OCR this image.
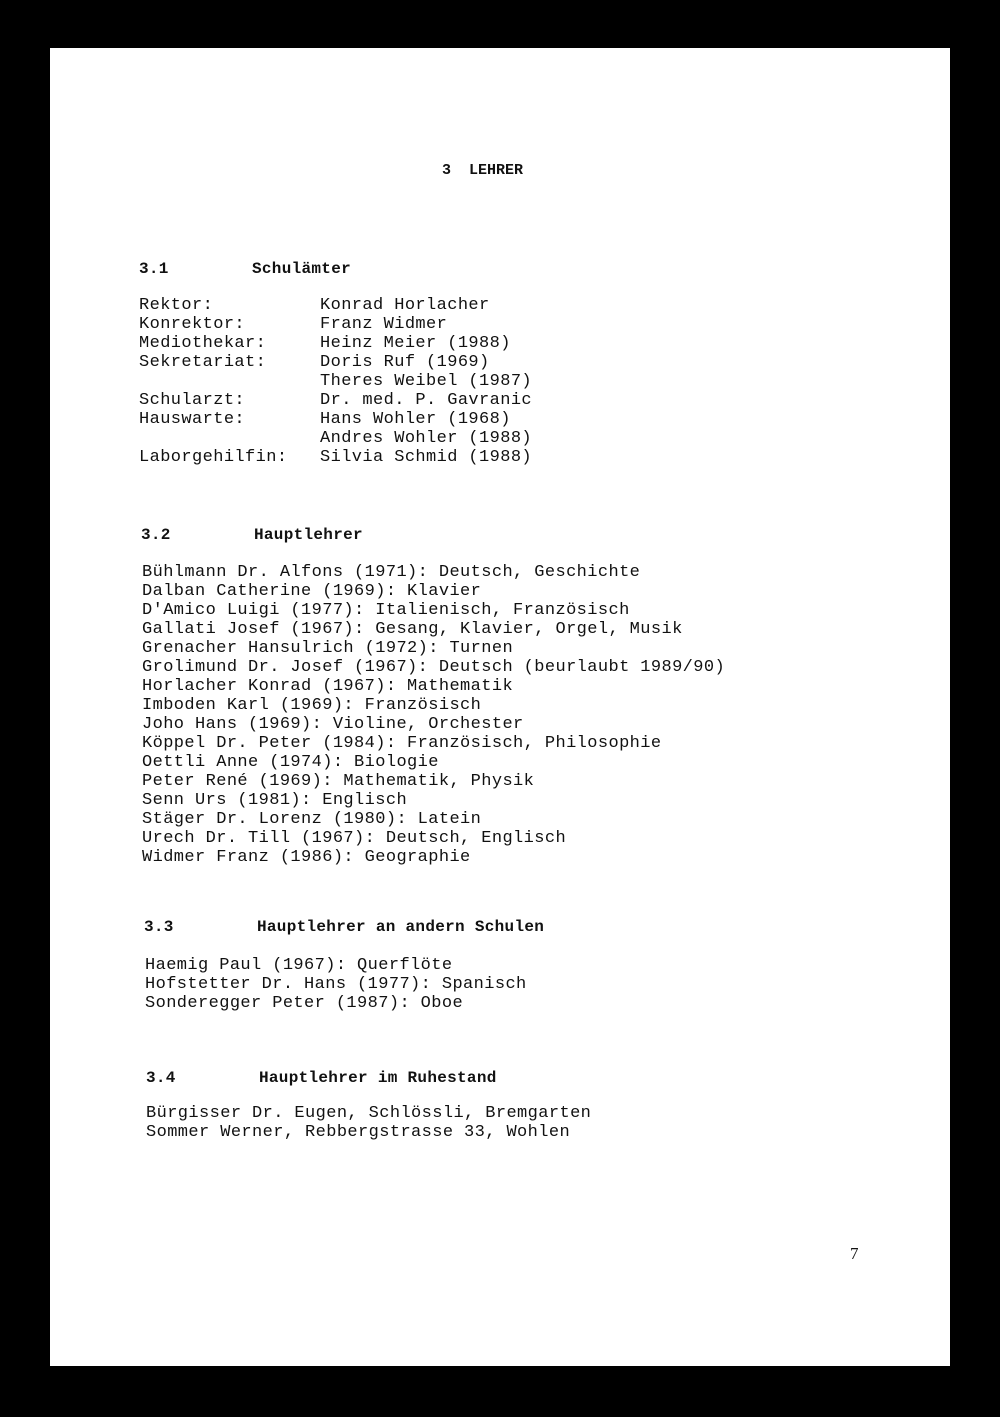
3  LEHRER
3.1	Schulämter
Rektor:	Konrad Horlacher
Konrektor:	Franz Widmer
Mediothekar:	Heinz Meier (1988)
Sekretariat:	Doris Ruf (1969)
Theres Weibel (1987)
Schularzt:	Dr. med. P. Gavranic
Hauswarte:	Hans Wohler (1968)
Andres Wohler (1988)
Laborgehilfin: Silvia Schmid (1988)
3.2	Hauptlehrer
Bühlmann Dr. Alfons (1971): Deutsch, Geschichte
Dalban Catherine (1969): Klavier
D'Amico Luigi (1977): Italienisch, Französisch
Gallati Josef (1967): Gesang, Klavier, Orgel, Musik
Grenacher Hansulrich (1972): Turnen
Grolimund Dr. Josef (1967): Deutsch (beurlaubt 1989/90)
Horlacher Konrad (1967): Mathematik
Imboden Karl (1969): Französisch
Joho Hans (1969): Violine, Orchester
Köppel Dr. Peter (1984): Französisch, Philosophie
Oettli Anne (1974): Biologie
Peter René (1969): Mathematik, Physik
Senn Urs (1981): Englisch
Stäger Dr. Lorenz (1980): Latein
Urech Dr. Till (1967): Deutsch, Englisch
Widmer Franz (1986): Geographie
3.3	Hauptlehrer an andern Schulen
Haemig Paul (1967): Querflöte
Hofstetter Dr. Hans (1977): Spanisch
Sonderegger Peter (1987): Oboe
3.4	Hauptlehrer im Ruhestand
Bürgisser Dr. Eugen, Schlössli, Bremgarten
Sommer Werner, Rebbergstrasse 33, Wohlen
7
